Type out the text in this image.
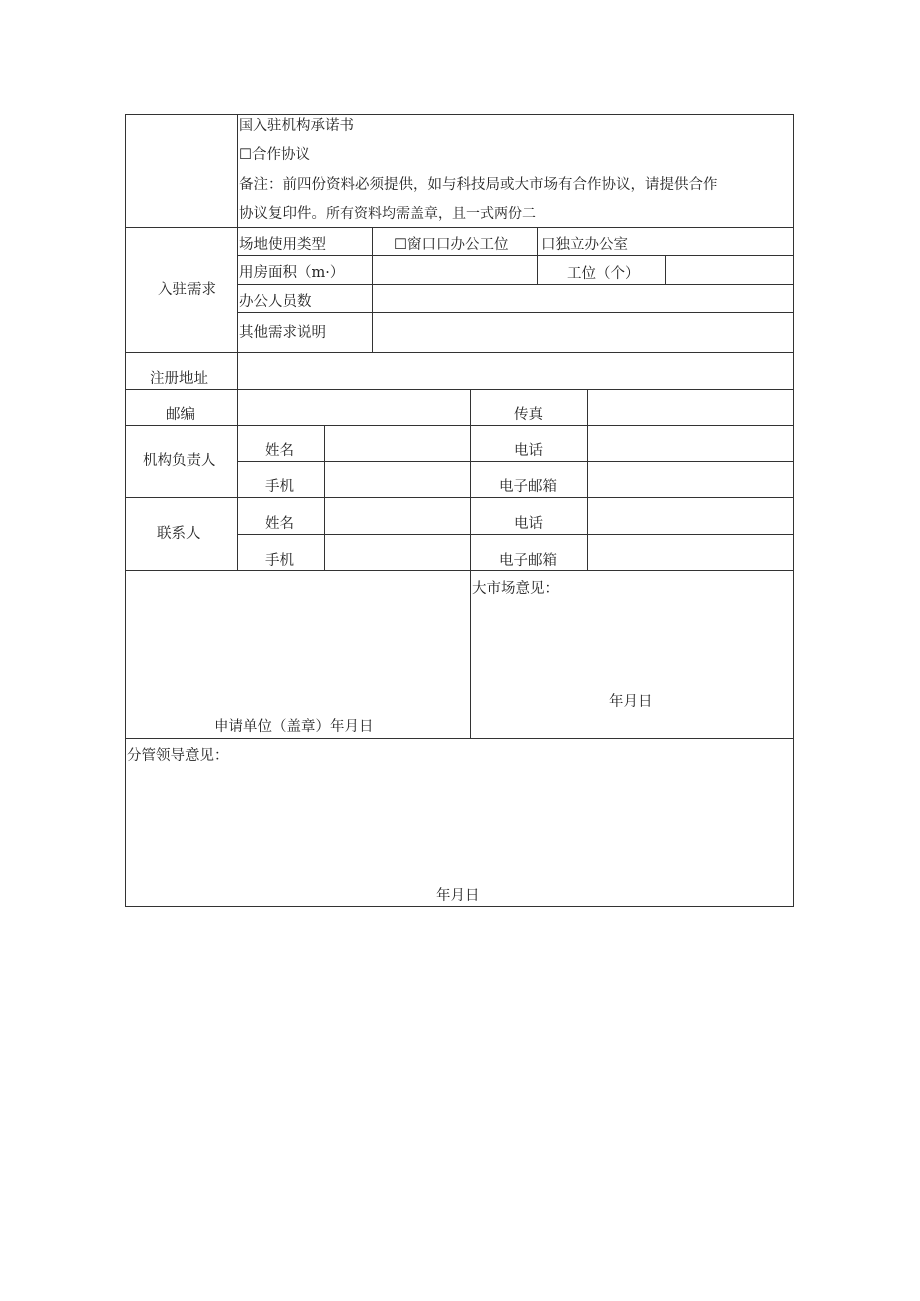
国入驻机构承诺书
☐合作协议
备注：前四份资料必须提供，如与科技局或大市场有合作协议，请提供合作
协议复印件。所有资料均需盖章，且一式两份二
入驻需求
场地使用类型	☐窗口口办公工位 口独立办公室
用房面积（m·）	工位（个）
办公人员数
其他需求说明
注册地址
邮编	传真
机构负责人
姓名	电话
手机	电子邮箱
联系人
姓名	电话
手机	电子邮箱
申请单位（盖章）年月日
大市场意见：
年月日
分管领导意见：
年月日
